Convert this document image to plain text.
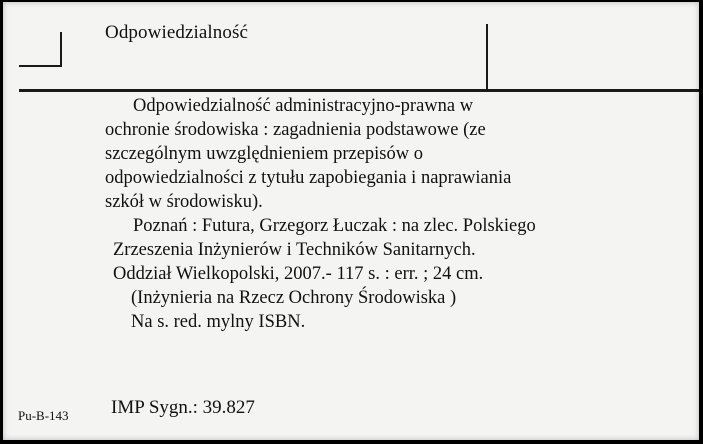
Odpowiedzialność
Odpowiedzialność administracyjno-prawna w
ochronie środowiska : zagadnienia podstawowe (ze
szczególnym uwzględnieniem przepisów o
odpowiedzialności z tytułu zapobiegania i naprawiania
szkół w środowisku).
Poznań : Futura, Grzegorz Łuczak : na zlec. Polskiego
Zrzeszenia Inżynierów i Techników Sanitarnych.
Oddział Wielkopolski, 2007.- 117 s. : err. ; 24 cm.
(Inżynieria na Rzecz Ochrony Środowiska )
Na s. red. mylny ISBN.
IMP Sygn.: 39.827
Pu-B-143
